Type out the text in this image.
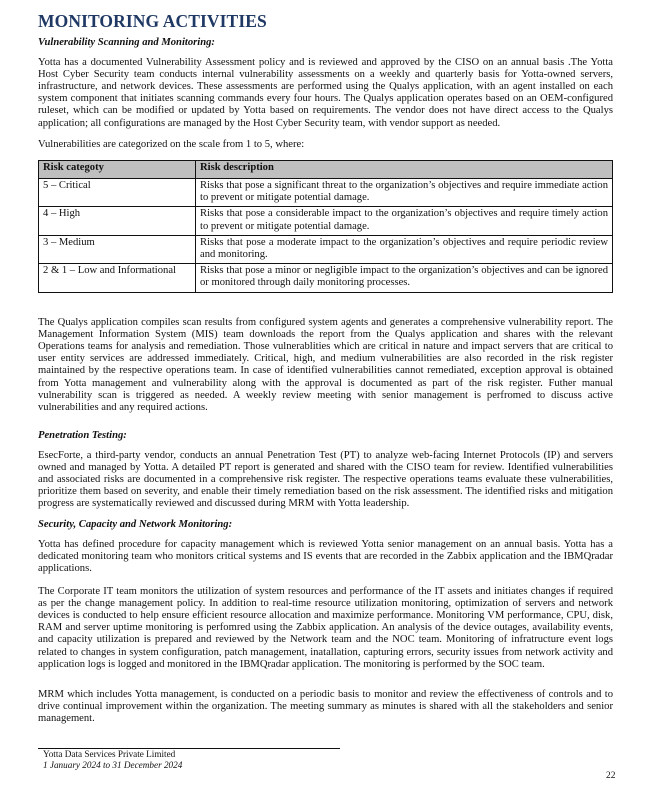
MONITORING ACTIVITIES
Vulnerability Scanning and Monitoring:

Yotta has a documented Vulnerability Assessment policy and is reviewed and approved by the CISO on an annual basis .The Yotta Host Cyber Security team conducts internal vulnerability assessments on a weekly and quarterly basis for Yotta-owned servers, infrastructure, and network devices. These assessments are performed using the Qualys application, with an agent installed on each system component that initiates scanning commands every four hours. The Qualys application operates based on an OEM-configured ruleset, which can be modified or updated by Yotta based on requirements. The vendor does not have direct access to the Qualys application; all configurations are managed by the Host Cyber Security team, with vendor support as needed.

Vulnerabilities are categorized on the scale from 1 to 5, where:

Risk categoty	Risk description
5 – Critical	Risks that pose a significant threat to the organization’s objectives and require immediate action to prevent or mitigate potential damage.
4 – High	Risks that pose a considerable impact to the organization’s objectives and require timely action to prevent or mitigate potential damage.
3 – Medium	Risks that pose a moderate impact to the organization’s objectives and require periodic review and monitoring.
2 & 1 – Low and Informational	Risks that pose a minor or negligible impact to the organization’s objectives and can be ignored or monitored through daily monitoring processes.

The Qualys application compiles scan results from configured system agents and generates a comprehensive vulnerability report. The Management Information System (MIS) team downloads the report from the Qualys application and shares with the relevant Operations teams for analysis and remediation. Those vulnerablities which are critical in nature and impact servers that are critical to user entity services are addressed immediately. Critical, high, and medium vulnerabilities are also recorded in the risk register maintained by the respective operations team. In case of identified vulnerabilities cannot remediated, exception approval is obtained from Yotta management and vulnerability along with the approval is documented as part of the risk register. Futher manual vulnerability scan is triggered as needed. A weekly review meeting with senior management is perfromed to discuss active vulnerabilities and any required actions.

Penetration Testing:

EsecForte, a third-party vendor, conducts an annual Penetration Test (PT) to analyze web-facing Internet Protocols (IP) and servers owned and managed by Yotta. A detailed PT report is generated and shared with the CISO team for review. Identified vulnerabilities and associated risks are documented in a comprehensive risk register. The respective operations teams evaluate these vulnerabilities, prioritize them based on severity, and enable their timely remediation based on the risk assessment. The identified risks and mitigation progress are systematically reviewed and discussed during MRM with Yotta leadership.

Security, Capacity and Network Monitoring:

Yotta has defined procedure for capacity management which is reviewed Yotta senior management on an annual basis. Yotta has a dedicated monitoring team who monitors critical systems and IS events that are recorded in the Zabbix application and the IBMQradar applications.

The Corporate IT team monitors the utilization of system resources and performance of the IT assets and initiates changes if required as per the change management policy. In addition to real-time resource utilization monitoring, optimization of servers and network devices is conducted to help ensure efficient resource allocation and maximize performance. Monitoring VM performance, CPU, disk, RAM and server uptime monitoring is perfomred using the Zabbix application. An analysis of the device outages, availability events, and capacity utilization is prepared and reviewed by the Network team and the NOC team. Monitoring of infratructure event logs related to changes in system configuration, patch management, inatallation, capturing errors, security issues from network activity and application logs is logged and monitored in the IBMQradar application. The monitoring is performed by the SOC team.

MRM which includes Yotta management, is conducted on a periodic basis to monitor and review the effectiveness of controls and to drive continual improvement within the organization. The meeting summary as minutes is shared with all the stakeholders and senior management.

Yotta Data Services Private Limited
1 January 2024 to 31 December 2024
22
